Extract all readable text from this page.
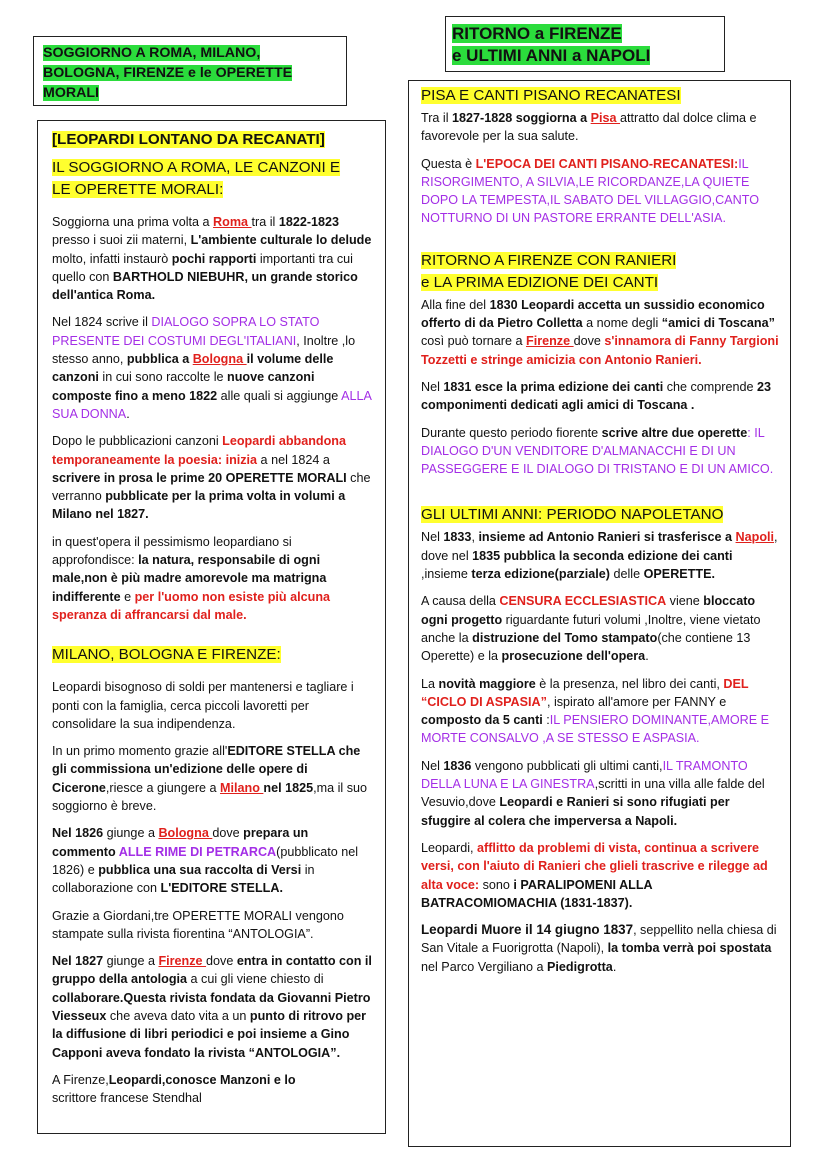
SOGGIORNO A ROMA, MILANO,
BOLOGNA, FIRENZE e le OPERETTE
MORALI
RITORNO a FIRENZE
e ULTIMI ANNI a NAPOLI
[LEOPARDI LONTANO DA RECANATI]
IL SOGGIORNO A ROMA, LE CANZONI E
LE OPERETTE MORALI:

Soggiorna una prima volta a Roma tra il 1822-1823 presso i suoi zii materni, L'ambiente culturale lo delude molto, infatti instaurò pochi rapporti importanti tra cui quello con BARTHOLD NIEBUHR, un grande storico dell'antica Roma.

Nel 1824 scrive il DIALOGO SOPRA LO STATO PRESENTE DEI COSTUMI DEGL'ITALIANI, Inoltre ,lo stesso anno, pubblica a Bologna il volume delle canzoni in cui sono raccolte le nuove canzoni composte fino a meno 1822 alle quali si aggiunge ALLA SUA DONNA.

Dopo le pubblicazioni canzoni Leopardi abbandona temporaneamente la poesia: inizia a nel 1824 a scrivere in prosa le prime 20 OPERETTE MORALI che verranno pubblicate per la prima volta in volumi a Milano nel 1827.

in quest'opera il pessimismo leopardiano si approfondisce: la natura, responsabile di ogni male,non è più madre amorevole ma matrigna indifferente e per l'uomo non esiste più alcuna speranza di affrancarsi dal male.

MILANO, BOLOGNA E FIRENZE:

Leopardi bisognoso di soldi per mantenersi e tagliare i ponti con la famiglia, cerca piccoli lavoretti per consolidare la sua indipendenza.

In un primo momento grazie all'EDITORE STELLA che gli commissiona un'edizione delle opere di Cicerone,riesce a giungere a Milano nel 1825,ma il suo soggiorno è breve.

Nel 1826 giunge a Bologna dove prepara un commento ALLE RIME DI PETRARCA(pubblicato nel 1826) e pubblica una sua raccolta di Versi in collaborazione con L'EDITORE STELLA.

Grazie a Giordani,tre OPERETTE MORALI vengono stampate sulla rivista fiorentina “ANTOLOGIA”.

Nel 1827 giunge a Firenze dove entra in contatto con il gruppo della antologia a cui gli viene chiesto di collaborare.Questa rivista fondata da Giovanni Pietro Viesseux che aveva dato vita a un punto di ritrovo per la diffusione di libri periodici e poi insieme a Gino Capponi aveva fondato la rivista “ANTOLOGIA”.

A Firenze,Leopardi,conosce Manzoni e lo
scrittore francese Stendhal

PISA E CANTI PISANO RECANATESI

Tra il 1827-1828 soggiorna a Pisa attratto dal dolce clima e favorevole per la sua salute.

Questa è L'EPOCA DEI CANTI PISANO-RECANATESI:IL RISORGIMENTO, A SILVIA,LE RICORDANZE,LA QUIETE DOPO LA TEMPESTA,IL SABATO DEL VILLAGGIO,CANTO NOTTURNO DI UN PASTORE ERRANTE DELL'ASIA.

RITORNO A FIRENZE CON RANIERI
e LA PRIMA EDIZIONE DEI CANTI

Alla fine del 1830 Leopardi accetta un sussidio economico offerto di da Pietro Colletta a nome degli “amici di Toscana” così può tornare a Firenze dove s'innamora di Fanny Targioni Tozzetti e stringe amicizia con Antonio Ranieri.

Nel 1831 esce la prima edizione dei canti che comprende 23 componimenti dedicati agli amici di Toscana .

Durante questo periodo fiorente scrive altre due operette: IL DIALOGO D'UN VENDITORE D'ALMANACCHI E DI UN PASSEGGERE E IL DIALOGO DI TRISTANO E DI UN AMICO.

GLI ULTIMI ANNI: PERIODO NAPOLETANO

Nel 1833, insieme ad Antonio Ranieri si trasferisce a Napoli, dove nel 1835 pubblica la seconda edizione dei canti ,insieme terza edizione(parziale) delle OPERETTE.

A causa della CENSURA ECCLESIASTICA viene bloccato ogni progetto riguardante futuri volumi ,Inoltre, viene vietato anche la distruzione del Tomo stampato(che contiene 13 Operette) e la prosecuzione dell'opera.

La novità maggiore è la presenza, nel libro dei canti, DEL “CICLO DI ASPASIA”, ispirato all'amore per FANNY e composto da 5 canti :IL PENSIERO DOMINANTE,AMORE E MORTE CONSALVO ,A SE STESSO E ASPASIA.

Nel 1836 vengono pubblicati gli ultimi canti,IL TRAMONTO DELLA LUNA E LA GINESTRA,scritti in una villa alle falde del Vesuvio,dove Leopardi e Ranieri si sono rifugiati per sfuggire al colera che imperversa a Napoli.

Leopardi, afflitto da problemi di vista, continua a scrivere versi, con l'aiuto di Ranieri che glieli trascrive e rilegge ad alta voce: sono i PARALIPOMENI ALLA BATRACOMIOMACHIA (1831-1837).

Leopardi Muore il 14 giugno 1837, seppellito nella chiesa di San Vitale a Fuorigrotta (Napoli), la tomba verrà poi spostata nel Parco Vergiliano a Piedigrotta.
